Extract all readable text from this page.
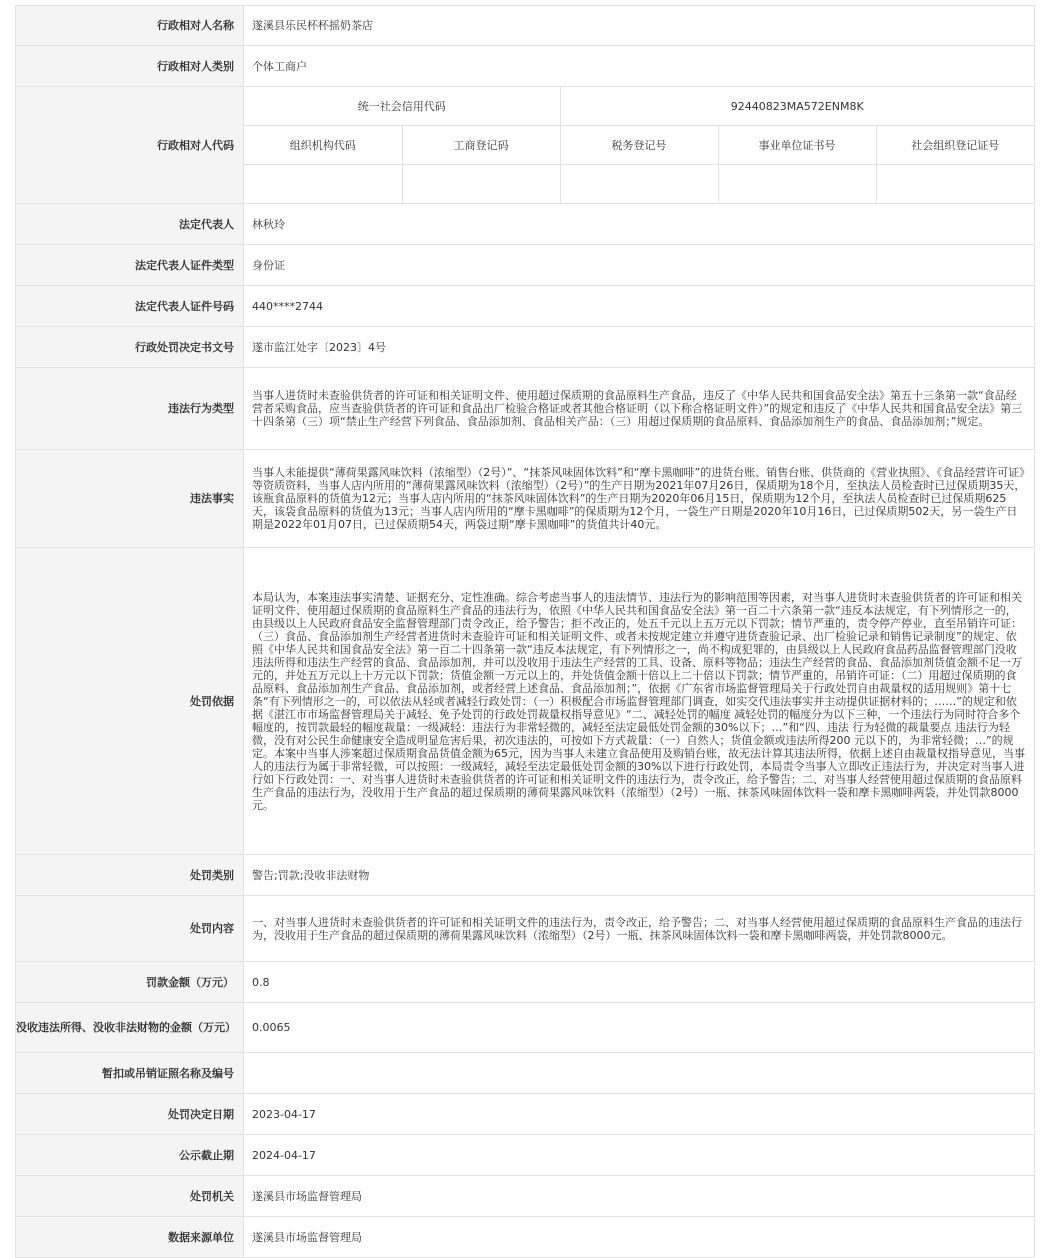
行政相对人名称	遂溪县乐民杯杯摇奶茶店
行政相对人类别	个体工商户
行政相对人代码	
统一社会信用代码	92440823MA572ENM8K
组织机构代码	工商登记码	税务登记号	事业单位证书号	社会组织登记证号

法定代表人	林秋玲
法定代表人证件类型	身份证
法定代表人证件号码	440****2744
行政处罚决定书文号	遂市监江处字〔2023〕4号
违法行为类型	当事人进货时未查验供货者的许可证和相关证明文件、使用超过保质期的食品原料生产食品，违反了《中华人民共和国食品安全法》第五十三条第一款“食品经营者采购食品，应当查验供货者的许可证和食品出厂检验合格证或者其他合格证明（以下称合格证明文件）”的规定和违反了《中华人民共和国食品安全法》第三十四条第（三）项“禁止生产经营下列食品、食品添加剂、食品相关产品：（三）用超过保质期的食品原料、食品添加剂生产的食品、食品添加剂；”规定。
违法事实	当事人未能提供“薄荷果露风味饮料（浓缩型）（2号）”、“抹茶风味固体饮料”和“摩卡黑咖啡”的进货台账、销售台账、供货商的《营业执照》、《食品经营许可证》等资质资料，当事人店内所用的“薄荷果露风味饮料（浓缩型）（2号）”的生产日期为2021年07月26日，保质期为18个月，至执法人员检查时已过保质期35天，该瓶食品原料的货值为12元；当事人店内所用的“抹茶风味固体饮料”的生产日期为2020年06月15日，保质期为12个月，至执法人员检查时已过保质期625天，该袋食品原料的货值为13元；当事人店内所用的“摩卡黑咖啡”的保质期为12个月，一袋生产日期是2020年10月16日，已过保质期502天，另一袋生产日期是2022年01月07日，已过保质期54天，两袋过期“摩卡黑咖啡”的货值共计40元。
处罚依据	本局认为，本案违法事实清楚、证据充分、定性准确。综合考虑当事人的违法情节、违法行为的影响范围等因素，对当事人进货时未查验供货者的许可证和相关证明文件、使用超过保质期的食品原料生产食品的违法行为，依照《中华人民共和国食品安全法》第一百二十六条第一款“违反本法规定，有下列情形之一的，由县级以上人民政府食品安全监督管理部门责令改正，给予警告；拒不改正的，处五千元以上五万元以下罚款；情节严重的，责令停产停业，直至吊销许可证：（三）食品、食品添加剂生产经营者进货时未查验许可证和相关证明文件、或者未按规定建立并遵守进货查验记录、出厂检验记录和销售记录制度”的规定、依照《中华人民共和国食品安全法》第一百二十四条第一款“违反本法规定，有下列情形之一，尚不构成犯罪的，由县级以上人民政府食品药品监督管理部门没收违法所得和违法生产经营的食品、食品添加剂，并可以没收用于违法生产经营的工具、设备、原料等物品；违法生产经营的食品、食品添加剂货值金额不足一万元的，并处五万元以上十万元以下罚款；货值金额一万元以上的，并处货值金额十倍以上二十倍以下罚款；情节严重的，吊销许可证：（二）用超过保质期的食品原料、食品添加剂生产食品、食品添加剂，或者经营上述食品、食品添加剂；”，依据《广东省市场监督管理局关于行政处罚自由裁量权的适用规则》第十七条“有下列情形之一的，可以依法从轻或者减轻行政处罚：（一）积极配合市场监督管理部门调查，如实交代违法事实并主动提供证据材料的；……”的规定和依据《湛江市市场监督管理局关于减轻、免予处罚的行政处罚裁量权指导意见》“二、减轻处罚的幅度 减轻处罚的幅度分为以下三种，一个违法行为同时符合多个幅度的，按罚款最轻的幅度裁量：一级减轻：违法行为非常轻微的，减轻至法定最低处罚金额的30%以下；…”和“四、违法 行为轻微的裁量要点 违法行为轻微，没有对公民生命健康安全造成明显危害后果，初次违法的，可按如下方式裁量：（一）自然人；货值金额或违法所得200 元以下的，为非常轻微；…”的规定。本案中当事人涉案超过保质期食品货值金额为65元，因为当事人未建立食品使用及购销台账，故无法计算其违法所得，依据上述自由裁量权指导意见，当事人的违法行为属于非常轻微，可以按照：一级减轻，减轻至法定最低处罚金额的30%以下进行行政处罚，本局责令当事人立即改正违法行为，并决定对当事人进行如下行政处罚：一、对当事人进货时未查验供货者的许可证和相关证明文件的违法行为，责令改正，给予警告；二、对当事人经营使用超过保质期的食品原料生产食品的违法行为，没收用于生产食品的超过保质期的薄荷果露风味饮料（浓缩型）（2号）一瓶、抹茶风味固体饮料一袋和摩卡黑咖啡两袋，并处罚款8000元。
处罚类别	警告;罚款;没收非法财物
处罚内容	一、对当事人进货时未查验供货者的许可证和相关证明文件的违法行为，责令改正，给予警告；二、对当事人经营使用超过保质期的食品原料生产食品的违法行为，没收用于生产食品的超过保质期的薄荷果露风味饮料（浓缩型）（2号）一瓶、抹茶风味固体饮料一袋和摩卡黑咖啡两袋，并处罚款8000元。
罚款金额（万元）	0.8
没收违法所得、没收非法财物的金额（万元）	0.0065
暂扣或吊销证照名称及编号	
处罚决定日期	2023-04-17
公示截止期	2024-04-17
处罚机关	遂溪县市场监督管理局
数据来源单位	遂溪县市场监督管理局
